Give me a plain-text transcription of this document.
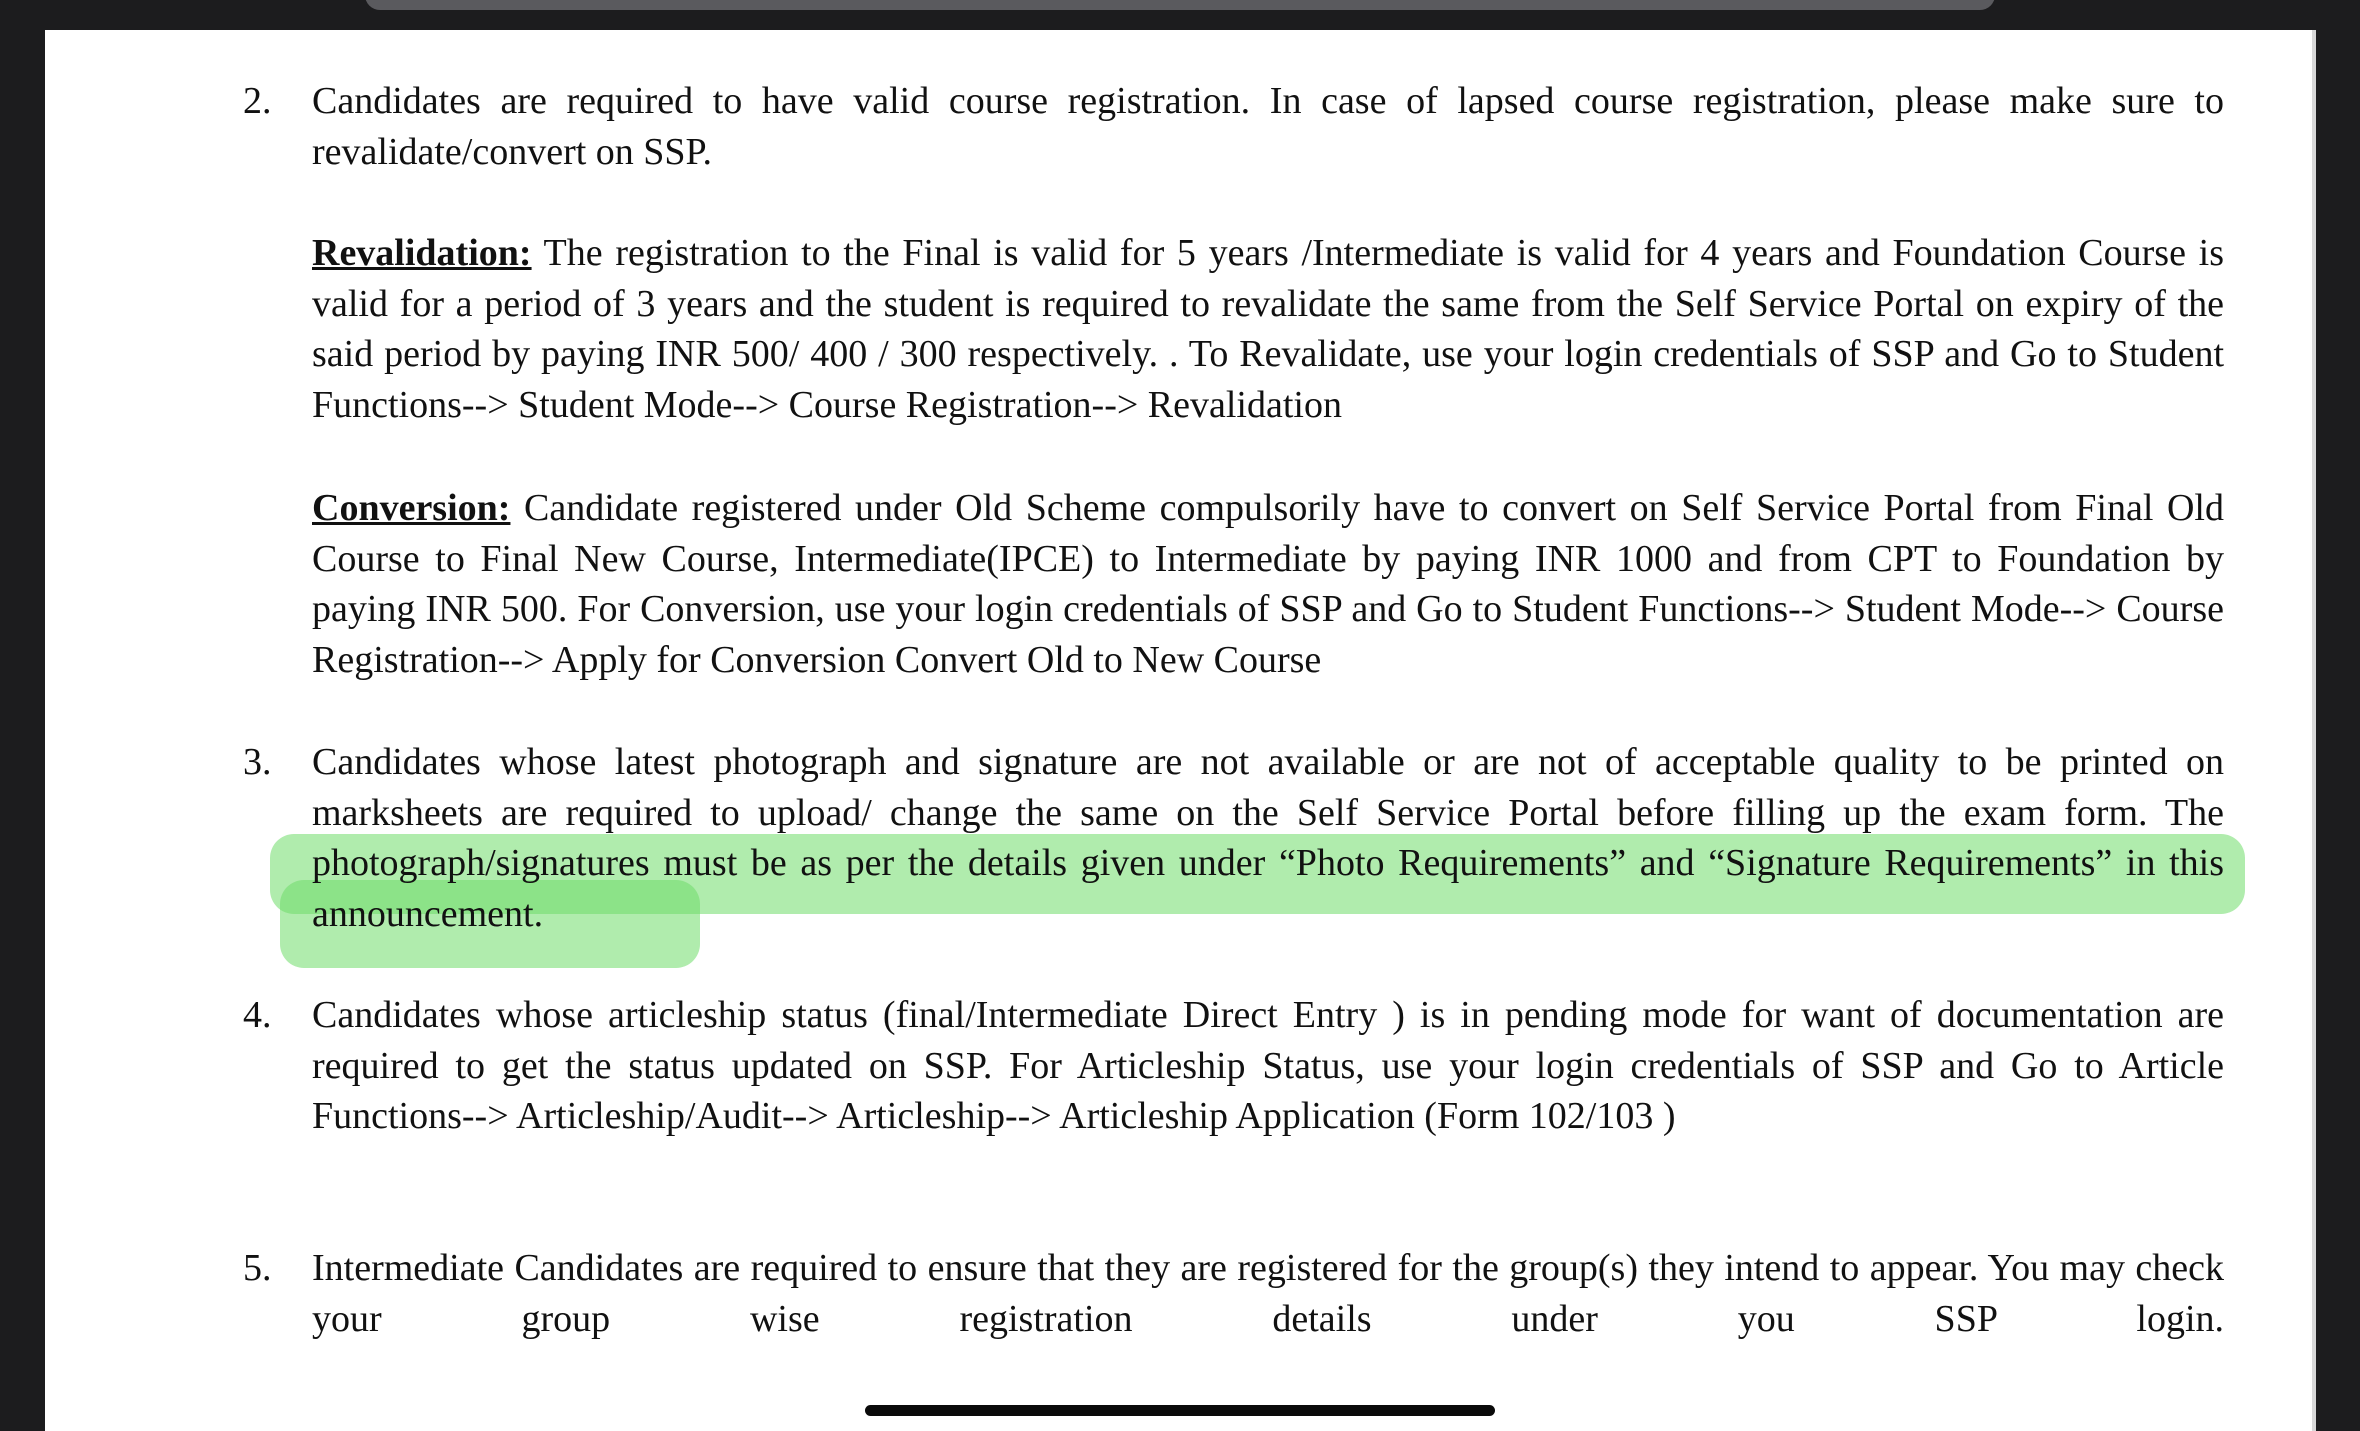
2.	Candidates are required to have valid course registration. In case of lapsed course registration, please make sure to revalidate/convert on SSP.

Revalidation: The registration to the Final is valid for 5 years /Intermediate is valid for 4 years and Foundation Course is valid for a period of 3 years and the student is required to revalidate the same from the Self Service Portal on expiry of the said period by paying INR 500/ 400 / 300 respectively. . To Revalidate, use your login credentials of SSP and Go to Student Functions--> Student Mode--> Course Registration--> Revalidation

Conversion: Candidate registered under Old Scheme compulsorily have to convert on Self Service Portal from Final Old Course to Final New Course, Intermediate(IPCE) to Intermediate by paying INR 1000 and from CPT to Foundation by paying INR 500. For Conversion, use your login credentials of SSP and Go to Student Functions--> Student Mode--> Course Registration--> Apply for Conversion Convert Old to New Course

3.	Candidates whose latest photograph and signature are not available or are not of acceptable quality to be printed on marksheets are required to upload/ change the same on the Self Service Portal before filling up the exam form. The photograph/signatures must be as per the details given under “Photo Requirements” and “Signature Requirements” in this announcement.

4.	Candidates whose articleship status (final/Intermediate Direct Entry ) is in pending mode for want of documentation are required to get the status updated on SSP. For Articleship Status, use your login credentials of SSP and Go to Article Functions--> Articleship/Audit--> Articleship--> Articleship Application (Form 102/103 )

5.	Intermediate Candidates are required to ensure that they are registered for the group(s) they intend to appear. You may check your group wise registration details under you SSP login.
